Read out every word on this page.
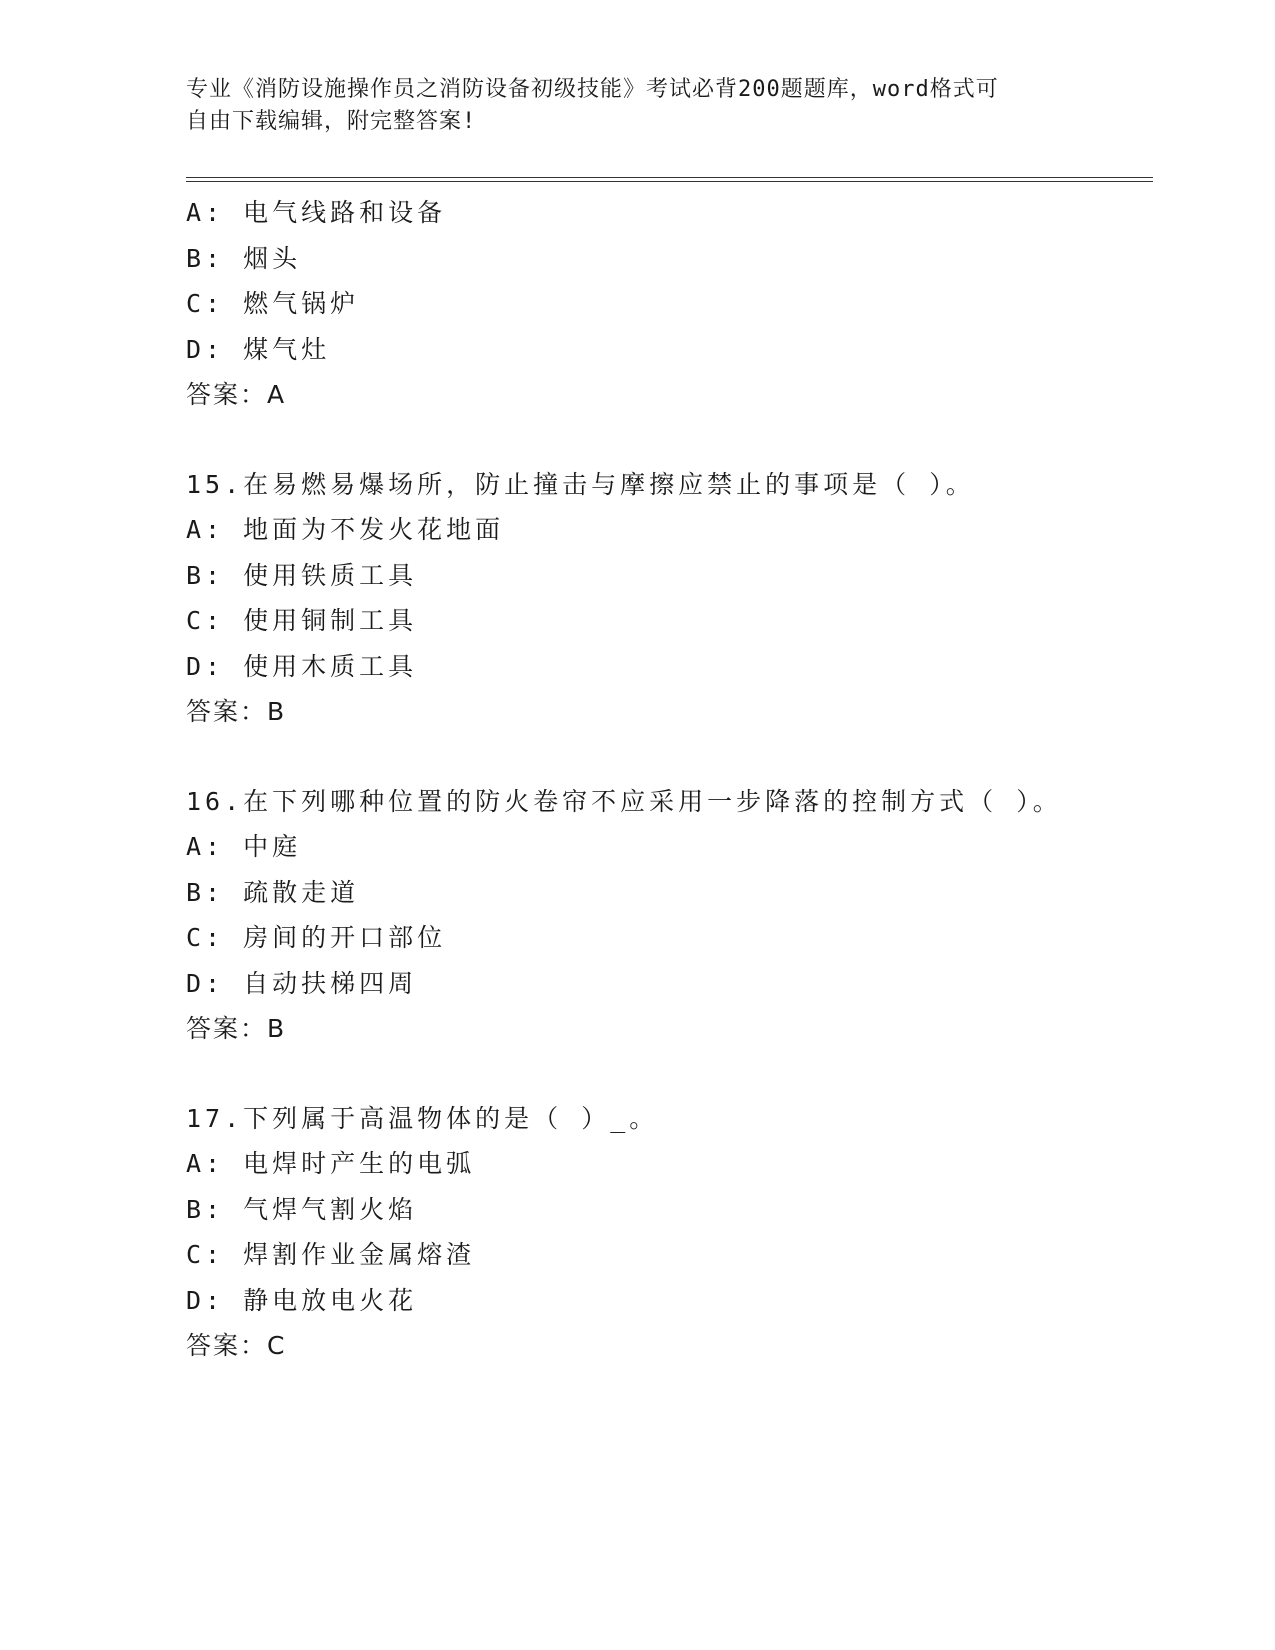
专业《消防设施操作员之消防设备初级技能》考试必背200题题库，word格式可
自由下载编辑，附完整答案!
A: 电气线路和设备
B: 烟头
C: 燃气锅炉
D: 煤气灶
答案：A
15.在易燃易爆场所，防止撞击与摩擦应禁止的事项是（ ）。
A: 地面为不发火花地面
B: 使用铁质工具
C: 使用铜制工具
D: 使用木质工具
答案：B
16.在下列哪种位置的防火卷帘不应采用一步降落的控制方式（ ）。
A: 中庭
B: 疏散走道
C: 房间的开口部位
D: 自动扶梯四周
答案：B
17.下列属于高温物体的是（ ）_。
A: 电焊时产生的电弧
B: 气焊气割火焰
C: 焊割作业金属熔渣
D: 静电放电火花
答案：C
